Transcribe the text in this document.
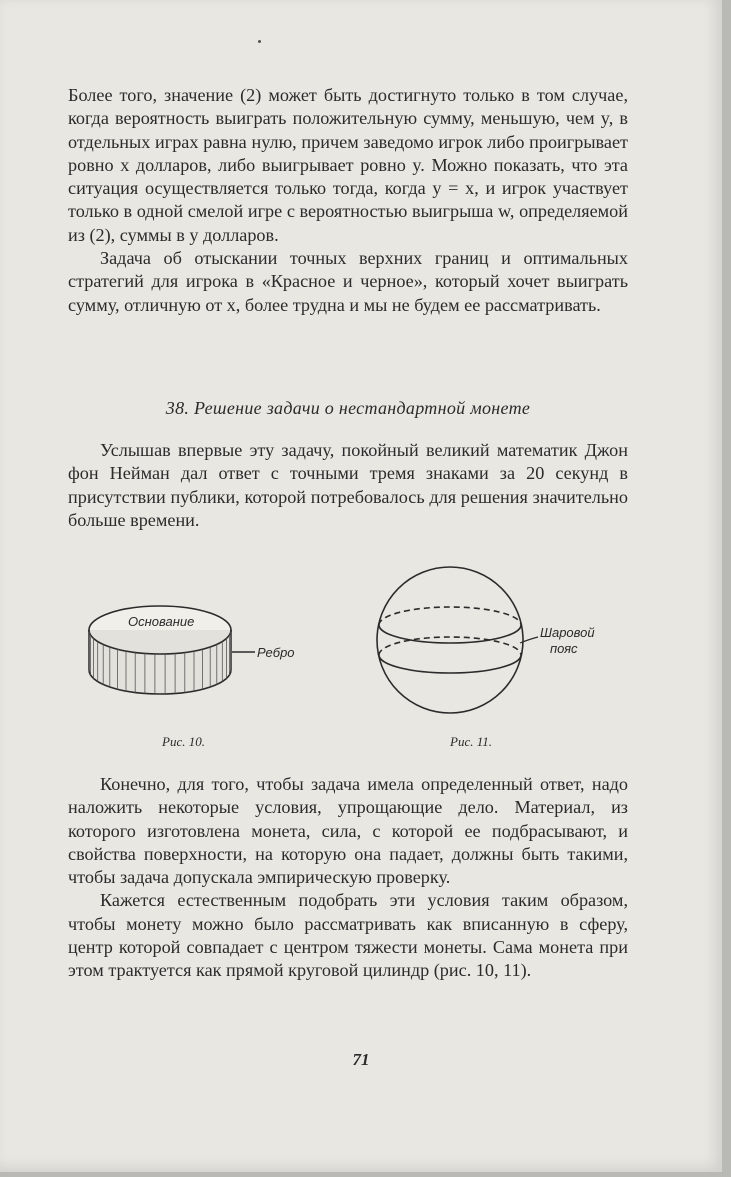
Более того, значение (2) может быть достигнуто только в том случае, когда вероятность выиграть положительную сумму, меньшую, чем y, в отдельных играх равна нулю, причем заведомо игрок либо проигрывает ровно x долларов, либо выигрывает ровно y. Можно показать, что эта ситуация осуществляется только тогда, когда y = x, и игрок участвует только в одной смелой игре с вероятностью выигрыша w, определяемой из (2), суммы в y долларов.

Задача об отыскании точных верхних границ и оптимальных стратегий для игрока в «Красное и черное», который хочет выиграть сумму, отличную от x, более трудна и мы не будем ее рассматривать.

38. Решение задачи о нестандартной монете

Услышав впервые эту задачу, покойный великий математик Джон фон Нейман дал ответ с точными тремя знаками за 20 секунд в присутствии публики, которой потребовалось для решения значительно больше времени.

Основание
Ребро
Шаровой
пояс
Рис. 10.	Рис. 11.

Конечно, для того, чтобы задача имела определенный ответ, надо наложить некоторые условия, упрощающие дело. Материал, из которого изготовлена монета, сила, с которой ее подбрасывают, и свойства поверхности, на которую она падает, должны быть такими, чтобы задача допускала эмпирическую проверку.

Кажется естественным подобрать эти условия таким образом, чтобы монету можно было рассматривать как вписанную в сферу, центр которой совпадает с центром тяжести монеты. Сама монета при этом трактуется как прямой круговой цилиндр (рис. 10, 11).

71
